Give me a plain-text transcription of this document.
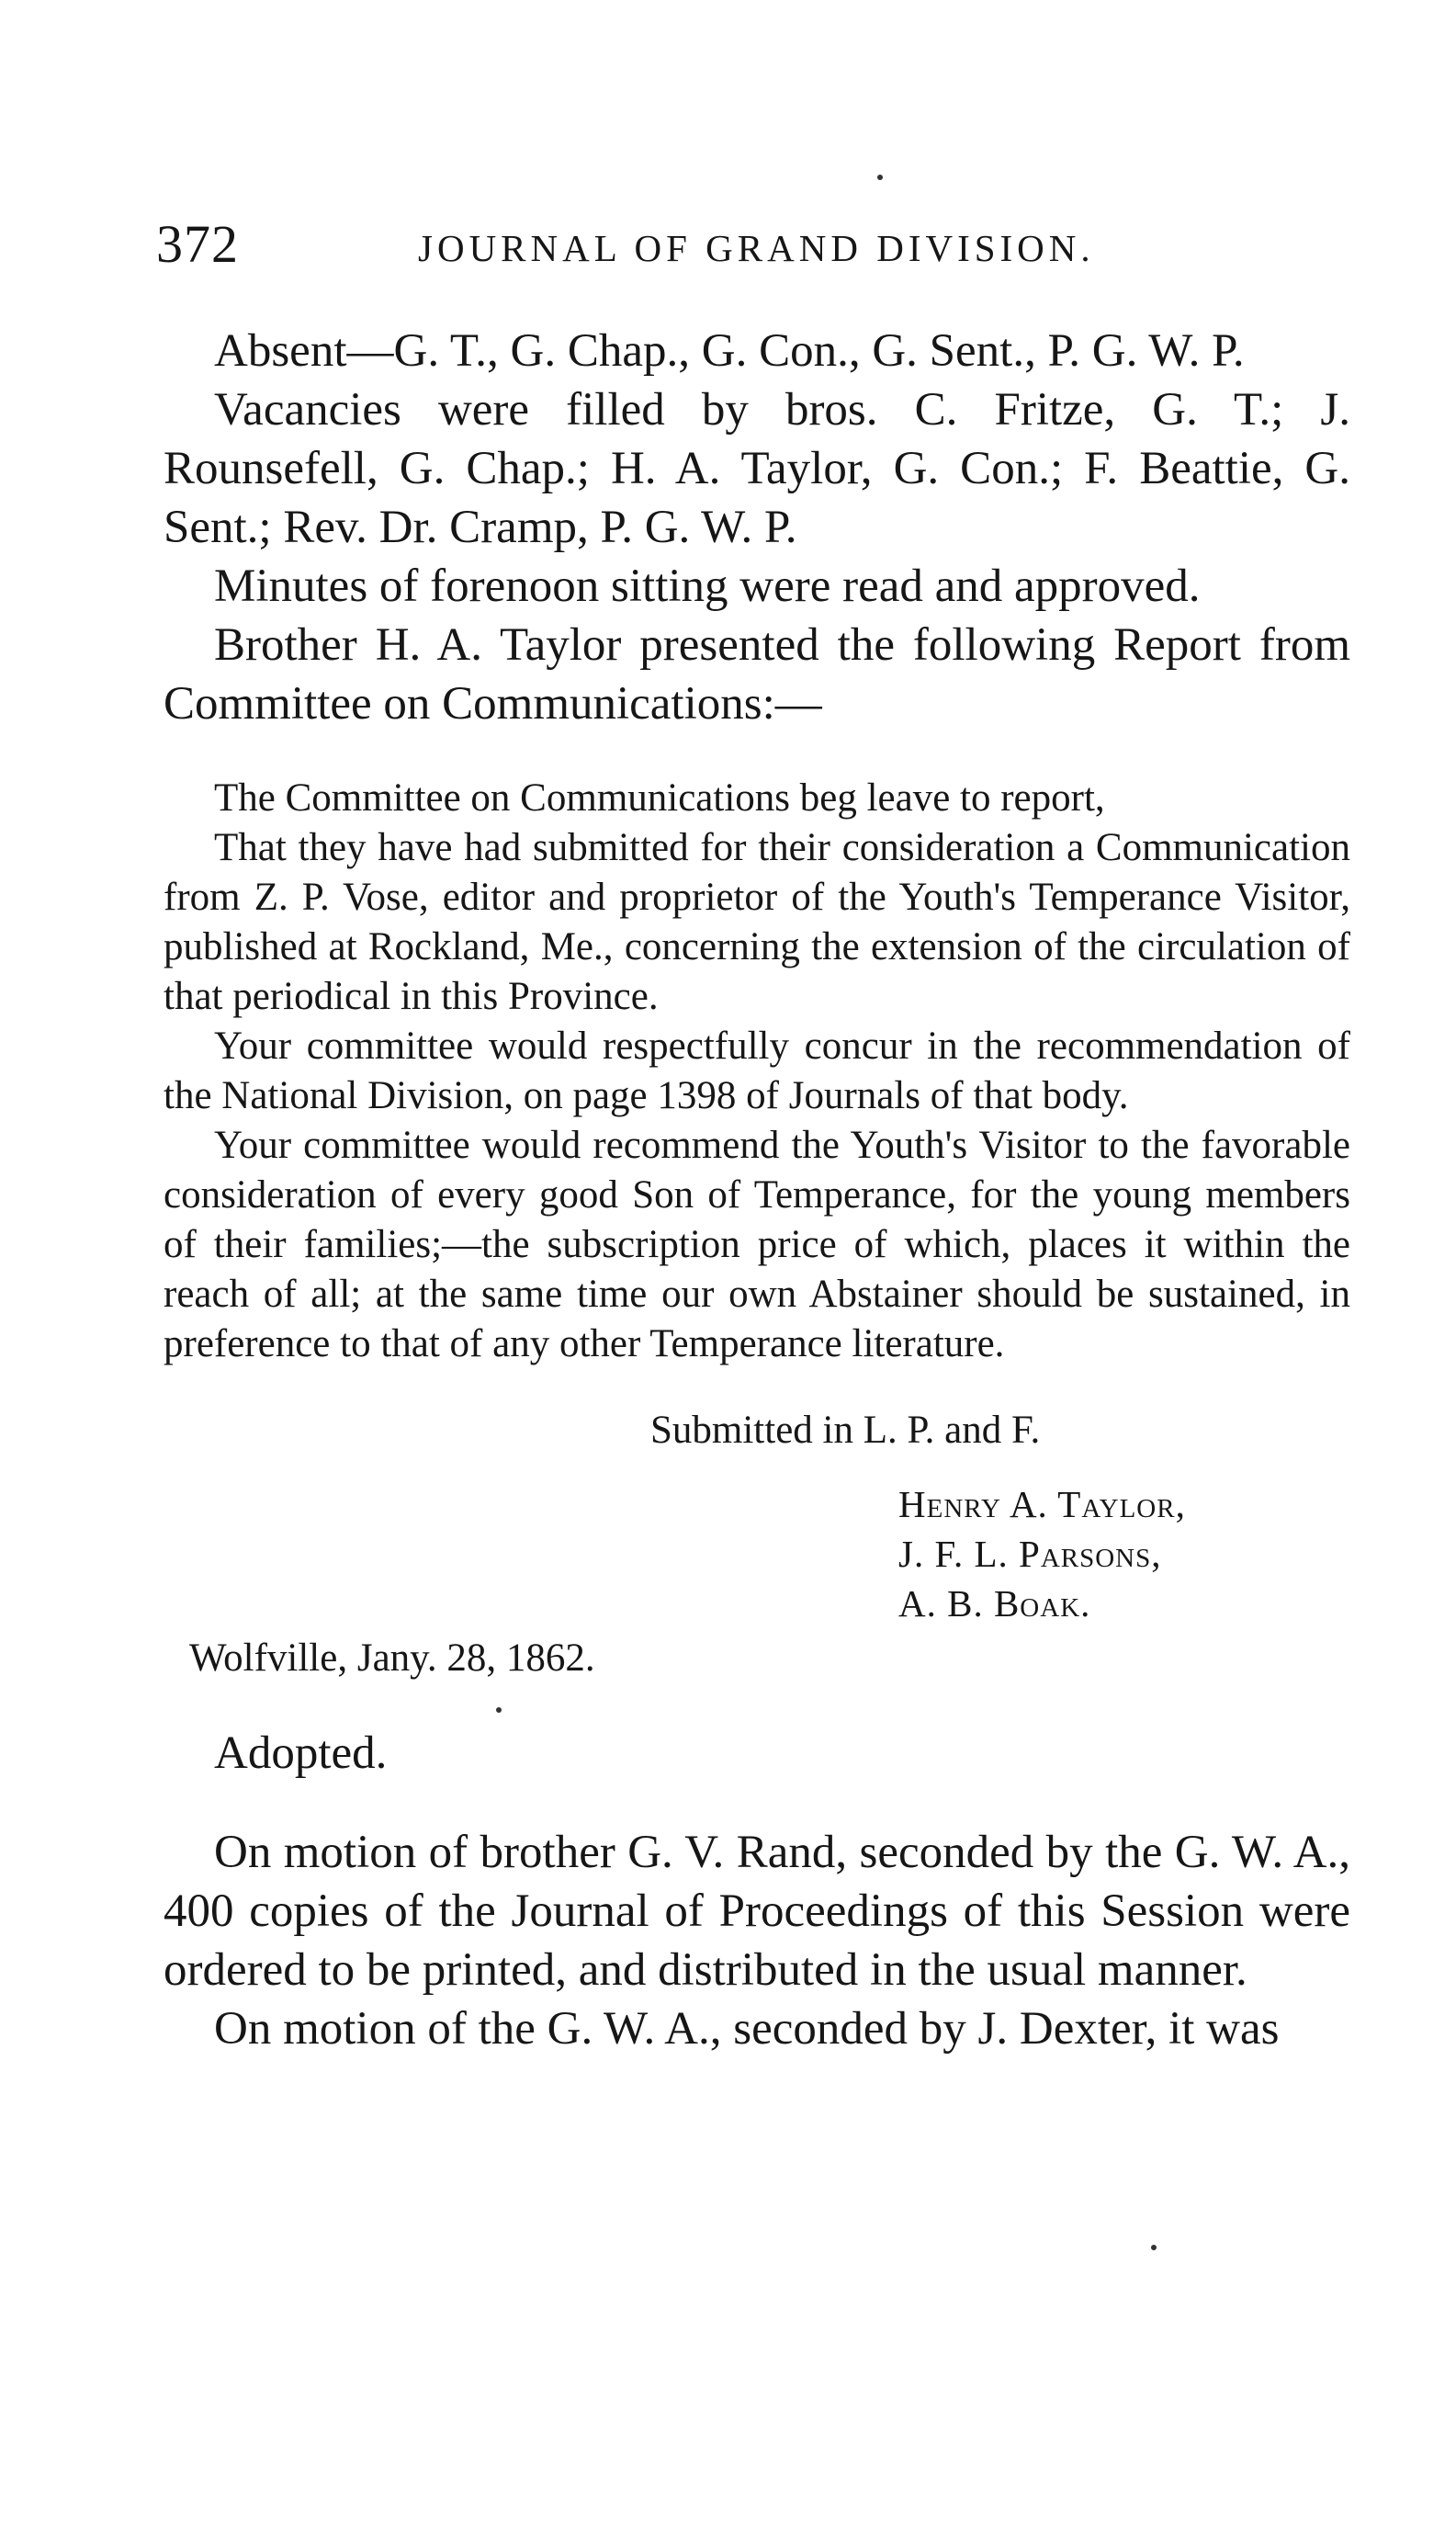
372	JOURNAL OF GRAND DIVISION.

Absent—G. T., G. Chap., G. Con., G. Sent., P. G. W. P.

Vacancies were filled by bros. C. Fritze, G. T.; J. Rounsefell, G. Chap.; H. A. Taylor, G. Con.; F. Beattie, G. Sent.; Rev. Dr. Cramp, P. G. W. P.

Minutes of forenoon sitting were read and approved.

Brother H. A. Taylor presented the following Report from Committee on Communications:—

The Committee on Communications beg leave to report,

That they have had submitted for their consideration a Communication from Z. P. Vose, editor and proprietor of the Youth's Temperance Visitor, published at Rockland, Me., concerning the extension of the circulation of that periodical in this Province.

Your committee would respectfully concur in the recommendation of the National Division, on page 1398 of Journals of that body.

Your committee would recommend the Youth's Visitor to the favorable consideration of every good Son of Temperance, for the young members of their families;—the subscription price of which, places it within the reach of all; at the same time our own Abstainer should be sustained, in preference to that of any other Temperance literature.

Submitted in L. P. and F.
Henry A. Taylor,
J. F. L. Parsons,
A. B. Boak.
Wolfville, Jany. 28, 1862.

Adopted.

On motion of brother G. V. Rand, seconded by the G. W. A., 400 copies of the Journal of Proceedings of this Session were ordered to be printed, and distributed in the usual manner.

On motion of the G. W. A., seconded by J. Dexter, it was
